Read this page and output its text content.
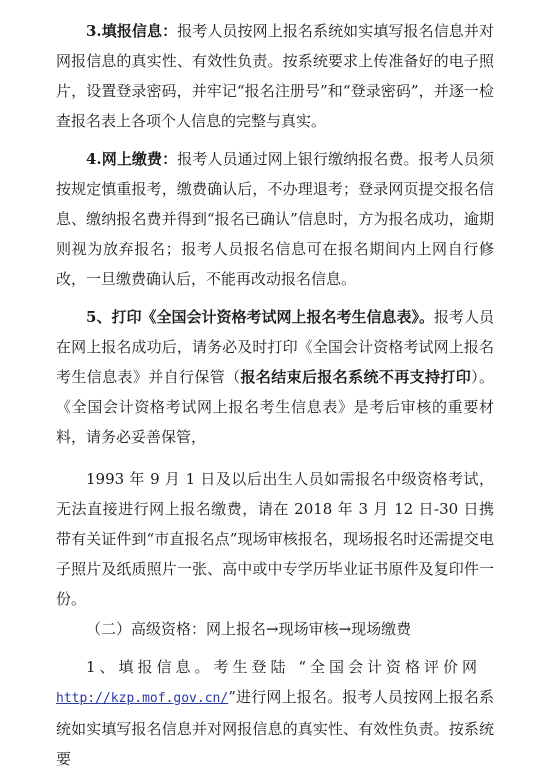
3.填报信息：报考人员按网上报名系统如实填写报名信息并对网报信息的真实性、有效性负责。按系统要求上传准备好的电子照片，设置登录密码，并牢记“报名注册号”和“登录密码”，并逐一检查报名表上各项个人信息的完整与真实。

4.网上缴费：报考人员通过网上银行缴纳报名费。报考人员须按规定慎重报考，缴费确认后，不办理退考；登录网页提交报名信息、缴纳报名费并得到“报名已确认”信息时，方为报名成功，逾期则视为放弃报名；报考人员报名信息可在报名期间内上网自行修改，一旦缴费确认后，不能再改动报名信息。

5、打印《全国会计资格考试网上报名考生信息表》。报考人员在网上报名成功后，请务必及时打印《全国会计资格考试网上报名考生信息表》并自行保管（报名结束后报名系统不再支持打印）。《全国会计资格考试网上报名考生信息表》是考后审核的重要材料，请务必妥善保管，

1993 年 9 月 1 日及以后出生人员如需报名中级资格考试，无法直接进行网上报名缴费，请在 2018 年 3 月 12 日-30 日携带有关证件到“市直报名点”现场审核报名，现场报名时还需提交电子照片及纸质照片一张、高中或中专学历毕业证书原件及复印件一份。

（二）高级资格：网上报名→现场审核→现场缴费

1、填报信息。考生登陆 “全国会计资格评价网
http://kzp.mof.gov.cn/”进行网上报名。报考人员按网上报名系统如实填写报名信息并对网报信息的真实性、有效性负责。按系统要
